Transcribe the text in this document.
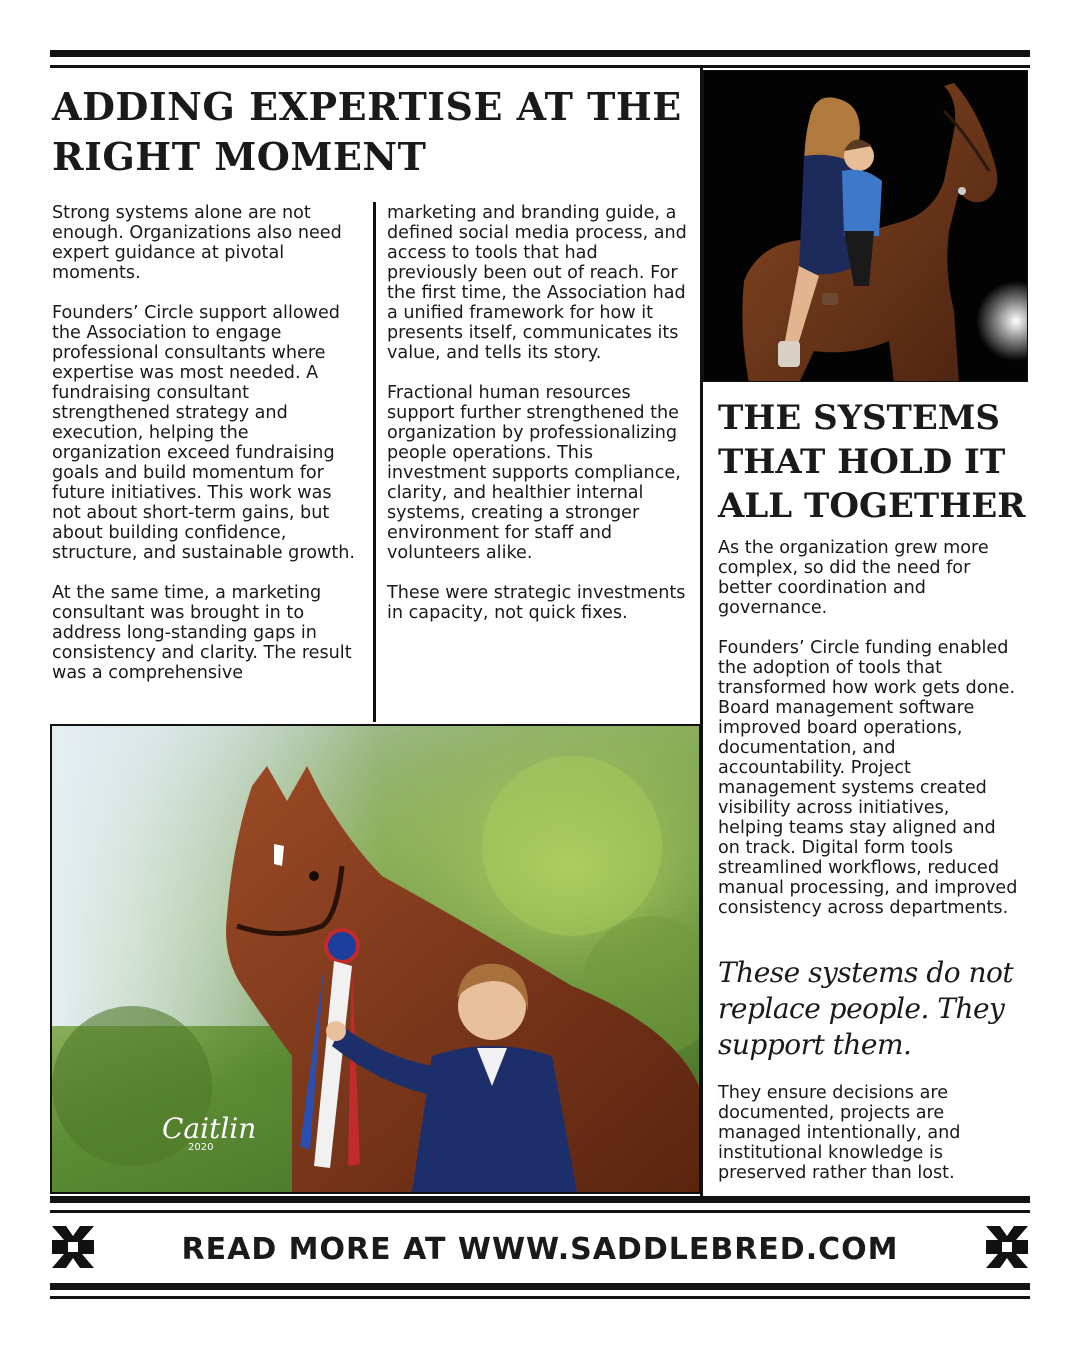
ADDING EXPERTISE AT THE RIGHT MOMENT

Strong systems alone are not enough. Organizations also need expert guidance at pivotal moments.

Founders’ Circle support allowed the Association to engage professional consultants where expertise was most needed. A fundraising consultant strengthened strategy and execution, helping the organization exceed fundraising goals and build momentum for future initiatives. This work was not about short-term gains, but about building confidence, structure, and sustainable growth.

At the same time, a marketing consultant was brought in to address long-standing gaps in consistency and clarity. The result was a comprehensive

marketing and branding guide, a defined social media process, and access to tools that had previously been out of reach. For the first time, the Association had a unified framework for how it presents itself, communicates its value, and tells its story.

Fractional human resources support further strengthened the organization by professionalizing people operations. This investment supports compliance, clarity, and healthier internal systems, creating a stronger environment for staff and volunteers alike.

These were strategic investments in capacity, not quick fixes.

THE SYSTEMS THAT HOLD IT ALL TOGETHER

As the organization grew more complex, so did the need for better coordination and governance.

Founders’ Circle funding enabled the adoption of tools that transformed how work gets done. Board management software improved board operations, documentation, and accountability. Project management systems created visibility across initiatives, helping teams stay aligned and on track. Digital form tools streamlined workflows, reduced manual processing, and improved consistency across departments.

These systems do not replace people. They support them.

They ensure decisions are documented, projects are managed intentionally, and institutional knowledge is preserved rather than lost.

Caitlin
2020
READ MORE AT WWW.SADDLEBRED.COM
